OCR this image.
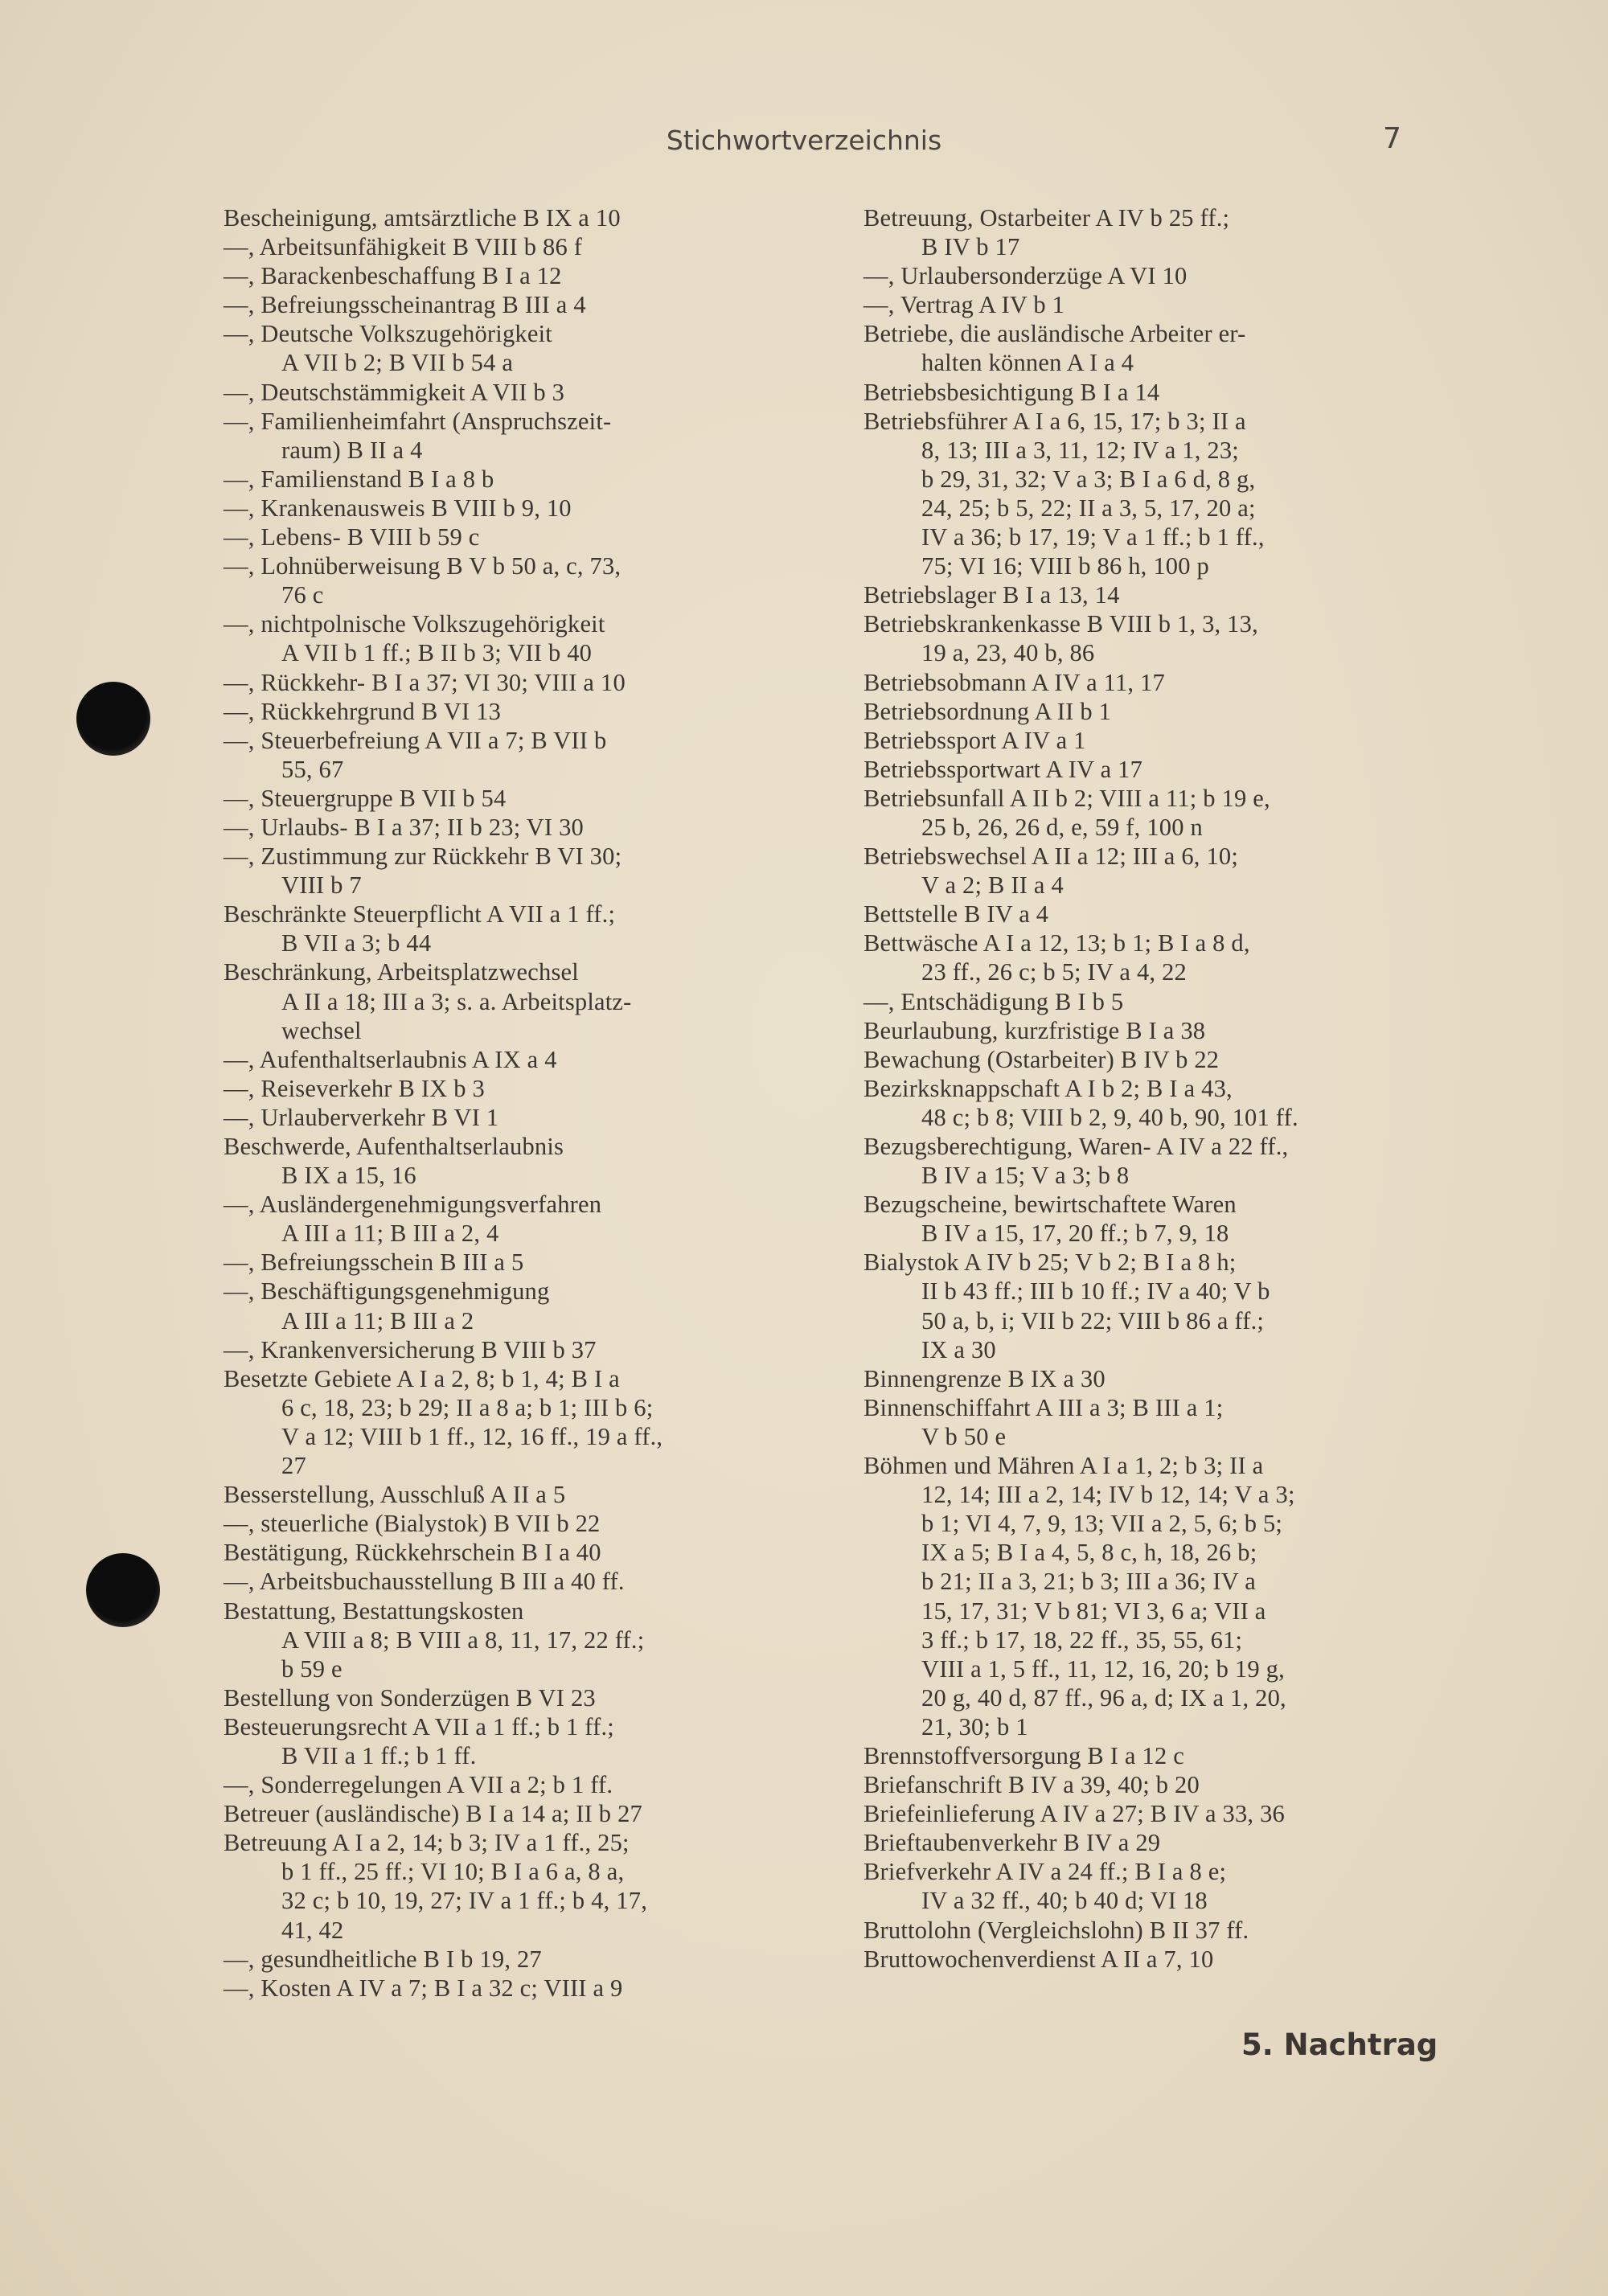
Stichwortverzeichnis	7
Bescheinigung, amtsärztliche B IX a 10
—, Arbeitsunfähigkeit B VIII b 86 f
—, Barackenbeschaffung B I a 12
—, Befreiungsscheinantrag B III a 4
—, Deutsche Volkszugehörigkeit
A VII b 2; B VII b 54 a
—, Deutschstämmigkeit A VII b 3
—, Familienheimfahrt (Anspruchszeit-
raum) B II a 4
—, Familienstand B I a 8 b
—, Krankenausweis B VIII b 9, 10
—, Lebens- B VIII b 59 c
—, Lohnüberweisung B V b 50 a, c, 73,
76 c
—, nichtpolnische Volkszugehörigkeit
A VII b 1 ff.; B II b 3; VII b 40
—, Rückkehr- B I a 37; VI 30; VIII a 10
—, Rückkehrgrund B VI 13
—, Steuerbefreiung A VII a 7; B VII b
55, 67
—, Steuergruppe B VII b 54
—, Urlaubs- B I a 37; II b 23; VI 30
—, Zustimmung zur Rückkehr B VI 30;
VIII b 7
Beschränkte Steuerpflicht A VII a 1 ff.;
B VII a 3; b 44
Beschränkung, Arbeitsplatzwechsel
A II a 18; III a 3; s. a. Arbeitsplatz-
wechsel
—, Aufenthaltserlaubnis A IX a 4
—, Reiseverkehr B IX b 3
—, Urlauberverkehr B VI 1
Beschwerde, Aufenthaltserlaubnis
B IX a 15, 16
—, Ausländergenehmigungsverfahren
A III a 11; B III a 2, 4
—, Befreiungsschein B III a 5
—, Beschäftigungsgenehmigung
A III a 11; B III a 2
—, Krankenversicherung B VIII b 37
Besetzte Gebiete A I a 2, 8; b 1, 4; B I a
6 c, 18, 23; b 29; II a 8 a; b 1; III b 6;
V a 12; VIII b 1 ff., 12, 16 ff., 19 a ff.,
27
Besserstellung, Ausschluß A II a 5
—, steuerliche (Bialystok) B VII b 22
Bestätigung, Rückkehrschein B I a 40
—, Arbeitsbuchausstellung B III a 40 ff.
Bestattung, Bestattungskosten
A VIII a 8; B VIII a 8, 11, 17, 22 ff.;
b 59 e
Bestellung von Sonderzügen B VI 23
Besteuerungsrecht A VII a 1 ff.; b 1 ff.;
B VII a 1 ff.; b 1 ff.
—, Sonderregelungen A VII a 2; b 1 ff.
Betreuer (ausländische) B I a 14 a; II b 27
Betreuung A I a 2, 14; b 3; IV a 1 ff., 25;
b 1 ff., 25 ff.; VI 10; B I a 6 a, 8 a,
32 c; b 10, 19, 27; IV a 1 ff.; b 4, 17,
41, 42
—, gesundheitliche B I b 19, 27
—, Kosten A IV a 7; B I a 32 c; VIII a 9
Betreuung, Ostarbeiter A IV b 25 ff.;
B IV b 17
—, Urlaubersonderzüge A VI 10
—, Vertrag A IV b 1
Betriebe, die ausländische Arbeiter er-
halten können A I a 4
Betriebsbesichtigung B I a 14
Betriebsführer A I a 6, 15, 17; b 3; II a
8, 13; III a 3, 11, 12; IV a 1, 23;
b 29, 31, 32; V a 3; B I a 6 d, 8 g,
24, 25; b 5, 22; II a 3, 5, 17, 20 a;
IV a 36; b 17, 19; V a 1 ff.; b 1 ff.,
75; VI 16; VIII b 86 h, 100 p
Betriebslager B I a 13, 14
Betriebskrankenkasse B VIII b 1, 3, 13,
19 a, 23, 40 b, 86
Betriebsobmann A IV a 11, 17
Betriebsordnung A II b 1
Betriebssport A IV a 1
Betriebssportwart A IV a 17
Betriebsunfall A II b 2; VIII a 11; b 19 e,
25 b, 26, 26 d, e, 59 f, 100 n
Betriebswechsel A II a 12; III a 6, 10;
V a 2; B II a 4
Bettstelle B IV a 4
Bettwäsche A I a 12, 13; b 1; B I a 8 d,
23 ff., 26 c; b 5; IV a 4, 22
—, Entschädigung B I b 5
Beurlaubung, kurzfristige B I a 38
Bewachung (Ostarbeiter) B IV b 22
Bezirksknappschaft A I b 2; B I a 43,
48 c; b 8; VIII b 2, 9, 40 b, 90, 101 ff.
Bezugsberechtigung, Waren- A IV a 22 ff.,
B IV a 15; V a 3; b 8
Bezugscheine, bewirtschaftete Waren
B IV a 15, 17, 20 ff.; b 7, 9, 18
Bialystok A IV b 25; V b 2; B I a 8 h;
II b 43 ff.; III b 10 ff.; IV a 40; V b
50 a, b, i; VII b 22; VIII b 86 a ff.;
IX a 30
Binnengrenze B IX a 30
Binnenschiffahrt A III a 3; B III a 1;
V b 50 e
Böhmen und Mähren A I a 1, 2; b 3; II a
12, 14; III a 2, 14; IV b 12, 14; V a 3;
b 1; VI 4, 7, 9, 13; VII a 2, 5, 6; b 5;
IX a 5; B I a 4, 5, 8 c, h, 18, 26 b;
b 21; II a 3, 21; b 3; III a 36; IV a
15, 17, 31; V b 81; VI 3, 6 a; VII a
3 ff.; b 17, 18, 22 ff., 35, 55, 61;
VIII a 1, 5 ff., 11, 12, 16, 20; b 19 g,
20 g, 40 d, 87 ff., 96 a, d; IX a 1, 20,
21, 30; b 1
Brennstoffversorgung B I a 12 c
Briefanschrift B IV a 39, 40; b 20
Briefeinlieferung A IV a 27; B IV a 33, 36
Brieftaubenverkehr B IV a 29
Briefverkehr A IV a 24 ff.; B I a 8 e;
IV a 32 ff., 40; b 40 d; VI 18
Bruttolohn (Vergleichslohn) B II 37 ff.
Bruttowochenverdienst A II a 7, 10
5. Nachtrag
